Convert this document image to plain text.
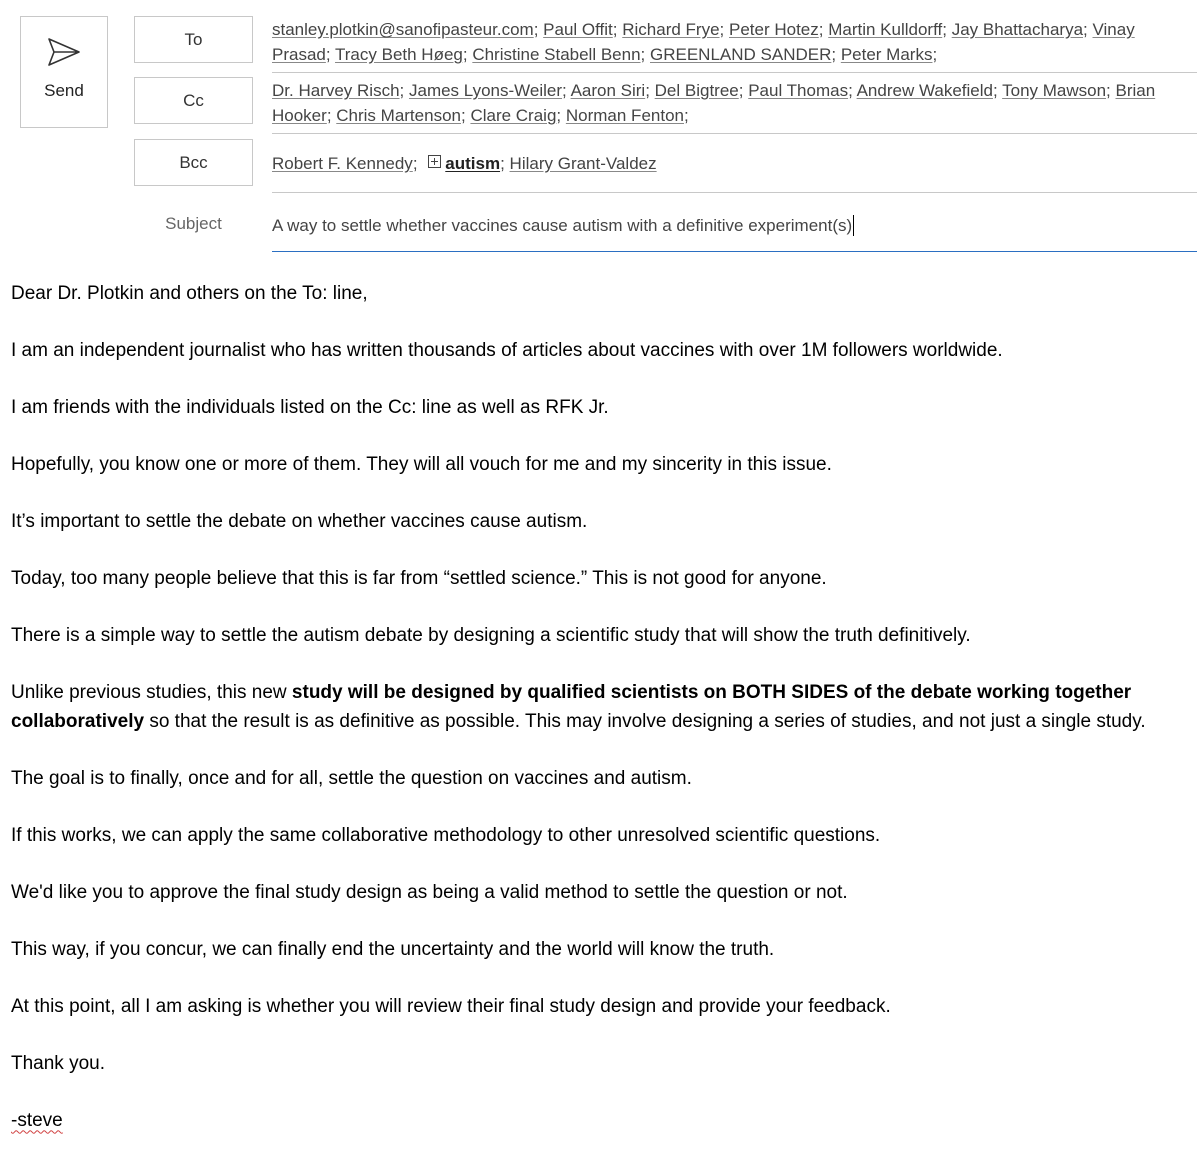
Send
To
Cc
Bcc
Subject
stanley.plotkin@sanofipasteur.com; Paul Offit; Richard Frye; Peter Hotez; Martin Kulldorff; Jay Bhattacharya; Vinay Prasad; Tracy Beth Høeg; Christine Stabell Benn; GREENLAND SANDER; Peter Marks;
Dr. Harvey Risch; James Lyons-Weiler; Aaron Siri; Del Bigtree; Paul Thomas; Andrew Wakefield; Tony Mawson; Brian Hooker; Chris Martenson; Clare Craig; Norman Fenton;
Robert F. Kennedy; autism; Hilary Grant-Valdez
A way to settle whether vaccines cause autism with a definitive experiment(s)

Dear Dr. Plotkin and others on the To: line,

I am an independent journalist who has written thousands of articles about vaccines with over 1M followers worldwide.

I am friends with the individuals listed on the Cc: line as well as RFK Jr.

Hopefully, you know one or more of them. They will all vouch for me and my sincerity in this issue.

It’s important to settle the debate on whether vaccines cause autism.

Today, too many people believe that this is far from “settled science.” This is not good for anyone.

There is a simple way to settle the autism debate by designing a scientific study that will show the truth definitively.

Unlike previous studies, this new study will be designed by qualified scientists on BOTH SIDES of the debate working together collaboratively so that the result is as definitive as possible. This may involve designing a series of studies, and not just a single study.

The goal is to finally, once and for all, settle the question on vaccines and autism.

If this works, we can apply the same collaborative methodology to other unresolved scientific questions.

We'd like you to approve the final study design as being a valid method to settle the question or not.

This way, if you concur, we can finally end the uncertainty and the world will know the truth.

At this point, all I am asking is whether you will review their final study design and provide your feedback.

Thank you.

-steve
